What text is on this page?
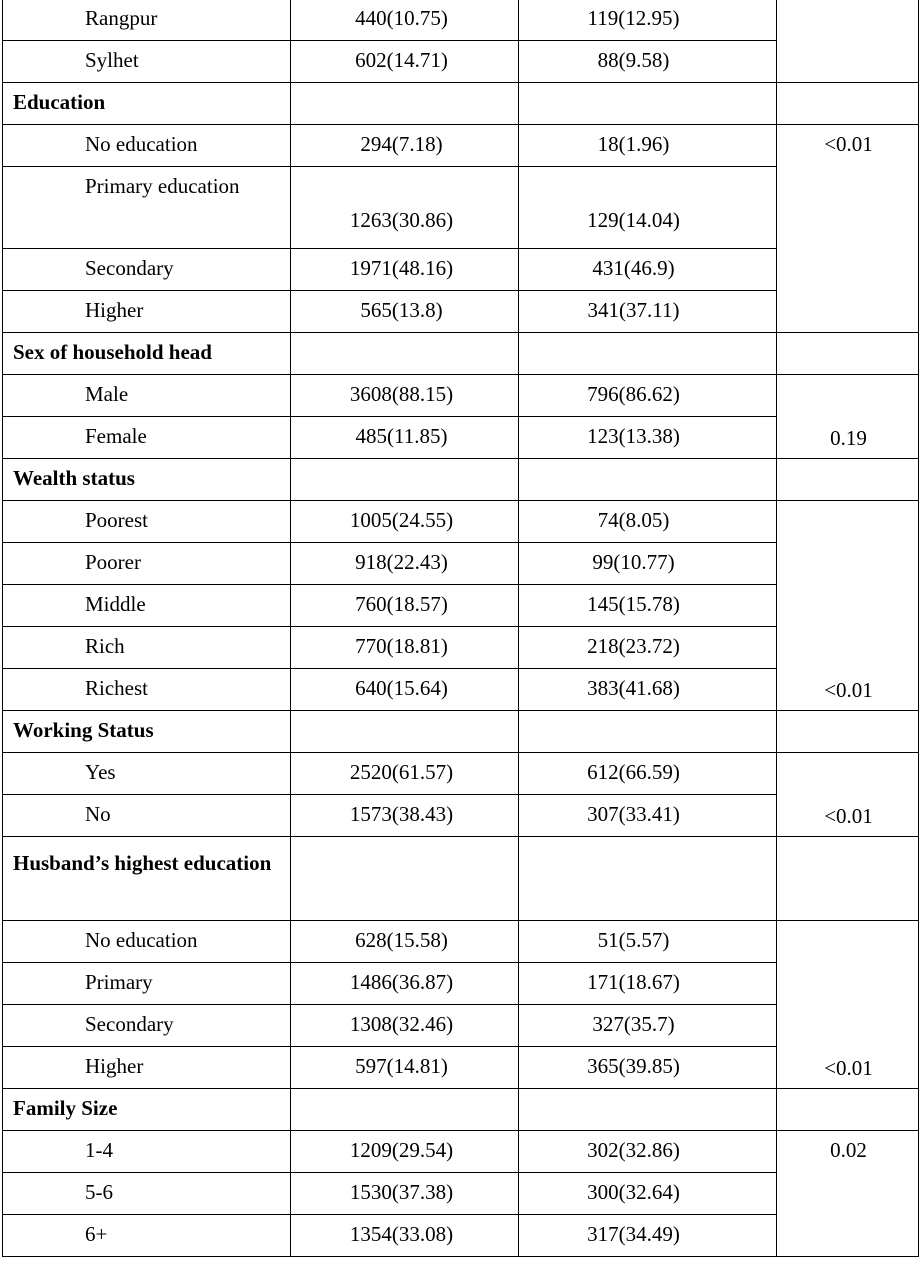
Rangpur	440(10.75)	119(12.95)	

Sylhet	602(14.71)	88(9.58)	

Education			

No education	294(7.18)	18(1.96)	<0.01

Primary education	1263(30.86)	129(14.04)	

Secondary	1971(48.16)	431(46.9)	

Higher	565(13.8)	341(37.11)	

Sex of household head			

Male	3608(88.15)	796(86.62)	0.19

Female	485(11.85)	123(13.38)	

Wealth status			

Poorest	1005(24.55)	74(8.05)	<0.01

Poorer	918(22.43)	99(10.77)	

Middle	760(18.57)	145(15.78)	

Rich	770(18.81)	218(23.72)	

Richest	640(15.64)	383(41.68)	

Working Status			

Yes	2520(61.57)	612(66.59)	<0.01

No	1573(38.43)	307(33.41)	

Husband’s highest education			

No education	628(15.58)	51(5.57)	<0.01

Primary	1486(36.87)	171(18.67)	

Secondary	1308(32.46)	327(35.7)	

Higher	597(14.81)	365(39.85)	

Family Size			

1-4	1209(29.54)	302(32.86)	0.02

5-6	1530(37.38)	300(32.64)	

6+	1354(33.08)	317(34.49)	
